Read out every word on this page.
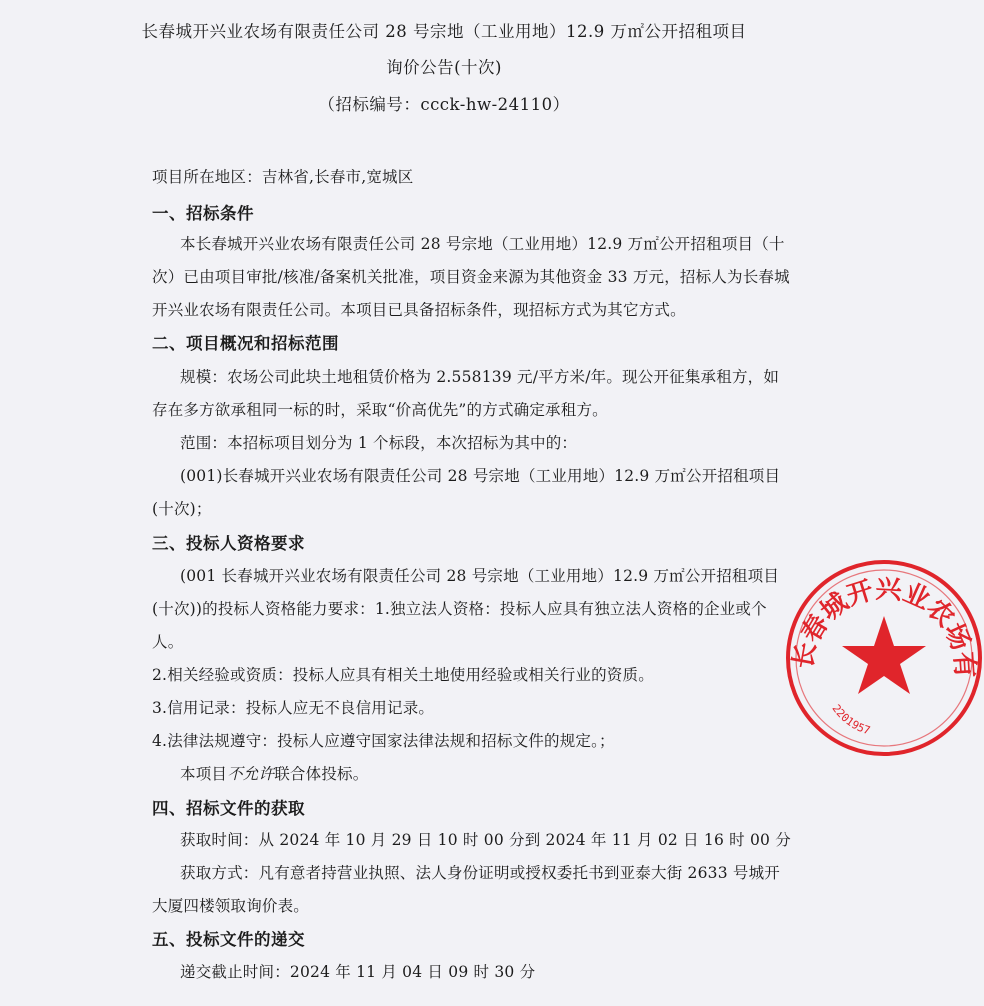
长春城开兴业农场有限责任公司 28 号宗地（工业用地）12.9 万㎡公开招租项目
询价公告(十次)
（招标编号：ccck-hw-24110）
项目所在地区：吉林省,长春市,宽城区
一、招标条件
本长春城开兴业农场有限责任公司 28 号宗地（工业用地）12.9 万㎡公开招租项目（十
次）已由项目审批/核准/备案机关批准，项目资金来源为其他资金 33 万元，招标人为长春城
开兴业农场有限责任公司。本项目已具备招标条件，现招标方式为其它方式。
二、项目概况和招标范围
规模：农场公司此块土地租赁价格为 2.558139 元/平方米/年。现公开征集承租方，如
存在多方欲承租同一标的时，采取“价高优先”的方式确定承租方。
范围：本招标项目划分为 1 个标段，本次招标为其中的：
(001)长春城开兴业农场有限责任公司 28 号宗地（工业用地）12.9 万㎡公开招租项目
(十次)；
三、投标人资格要求
(001 长春城开兴业农场有限责任公司 28 号宗地（工业用地）12.9 万㎡公开招租项目
(十次))的投标人资格能力要求：1.独立法人资格：投标人应具有独立法人资格的企业或个
人。
2.相关经验或资质：投标人应具有相关土地使用经验或相关行业的资质。
3.信用记录：投标人应无不良信用记录。
4.法律法规遵守：投标人应遵守国家法律法规和招标文件的规定。；
本项目不允许联合体投标。
四、招标文件的获取
获取时间：从 2024 年 10 月 29 日 10 时 00 分到 2024 年 11 月 02 日 16 时 00 分
获取方式：凡有意者持营业执照、法人身份证明或授权委托书到亚泰大街 2633 号城开
大厦四楼领取询价表。
五、投标文件的递交
递交截止时间：2024 年 11 月 04 日 09 时 30 分
长春城开兴业农场有
2201957
